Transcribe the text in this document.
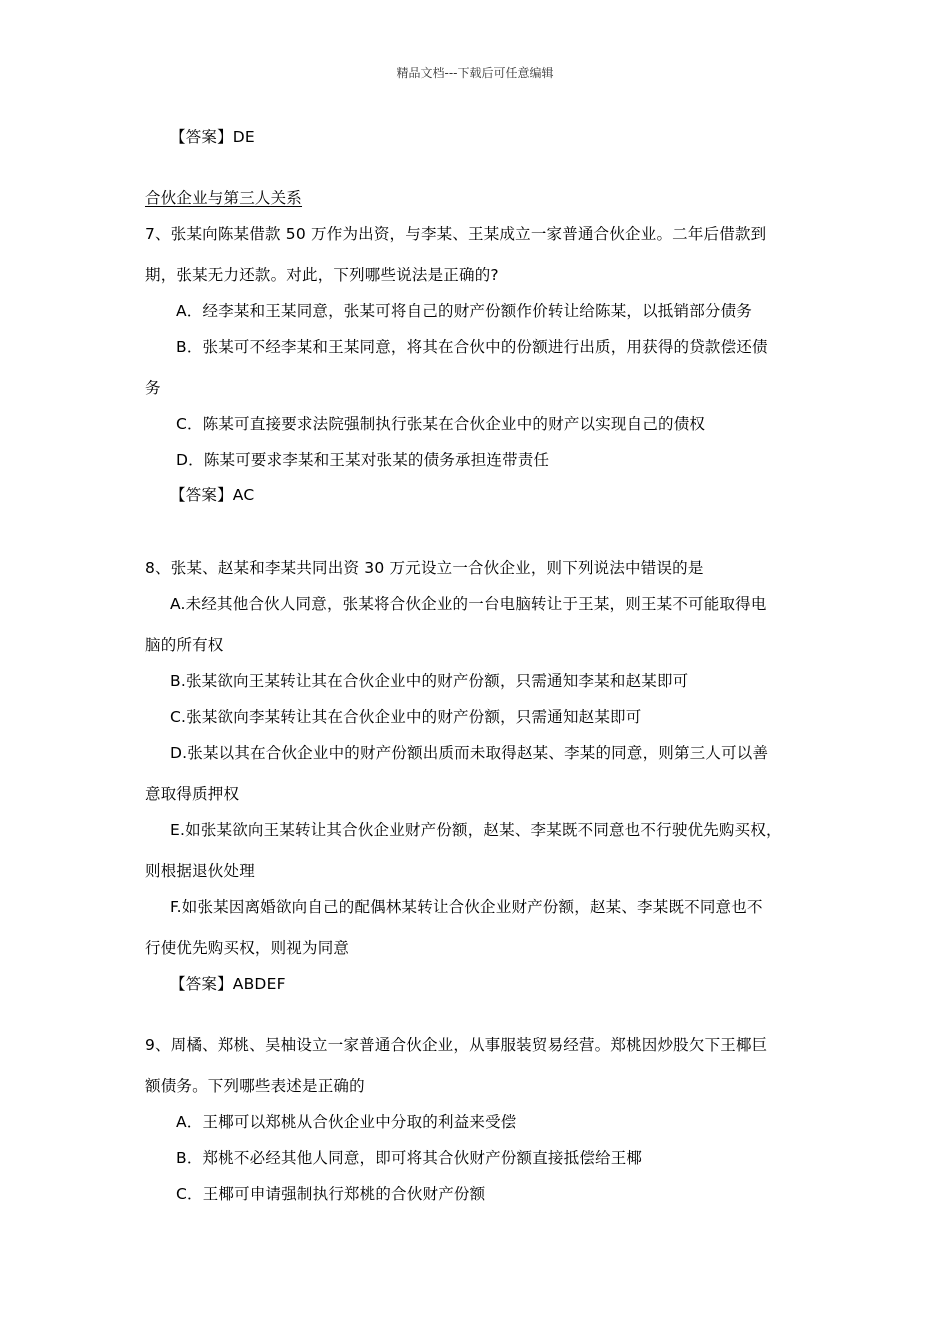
精品文档---下载后可任意编辑
【答案】DE
合伙企业与第三人关系
7、张某向陈某借款 50 万作为出资，与李某、王某成立一家普通合伙企业。二年后借款到
期，张某无力还款。对此，下列哪些说法是正确的?
A．经李某和王某同意，张某可将自己的财产份额作价转让给陈某，以抵销部分债务
B．张某可不经李某和王某同意，将其在合伙中的份额进行出质，用获得的贷款偿还债
务
C．陈某可直接要求法院强制执行张某在合伙企业中的财产以实现自己的债权
D．陈某可要求李某和王某对张某的债务承担连带责任
【答案】AC
8、张某、赵某和李某共同出资 30 万元设立一合伙企业，则下列说法中错误的是
A.未经其他合伙人同意，张某将合伙企业的一台电脑转让于王某，则王某不可能取得电
脑的所有权
B.张某欲向王某转让其在合伙企业中的财产份额，只需通知李某和赵某即可
C.张某欲向李某转让其在合伙企业中的财产份额，只需通知赵某即可
D.张某以其在合伙企业中的财产份额出质而未取得赵某、李某的同意，则第三人可以善
意取得质押权
E.如张某欲向王某转让其合伙企业财产份额，赵某、李某既不同意也不行驶优先购买权，
则根据退伙处理
F.如张某因离婚欲向自己的配偶林某转让合伙企业财产份额，赵某、李某既不同意也不
行使优先购买权，则视为同意
【答案】ABDEF
9、周橘、郑桃、吴柚设立一家普通合伙企业，从事服装贸易经营。郑桃因炒股欠下王椰巨
额债务。下列哪些表述是正确的
A．王椰可以郑桃从合伙企业中分取的利益来受偿
B．郑桃不必经其他人同意，即可将其合伙财产份额直接抵偿给王椰
C．王椰可申请强制执行郑桃的合伙财产份额
